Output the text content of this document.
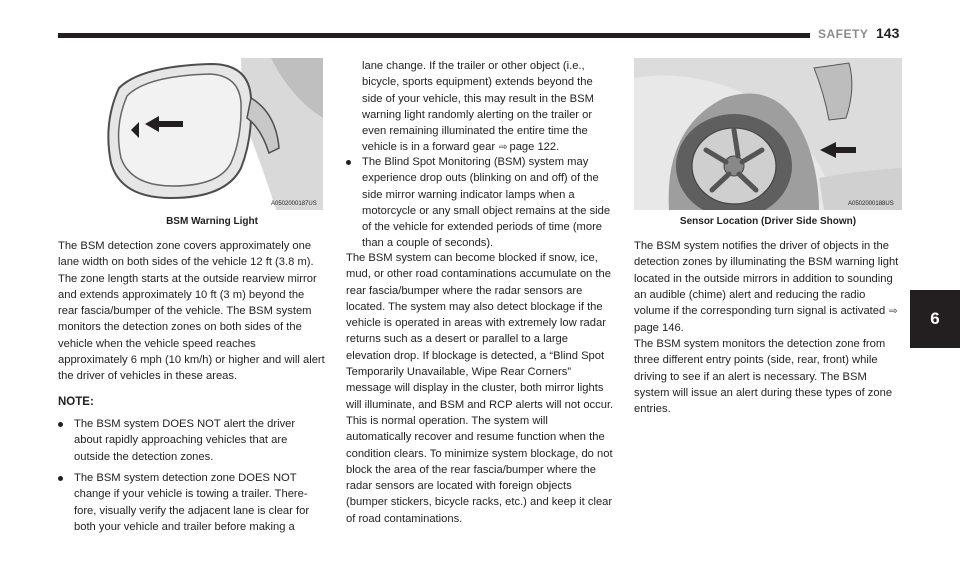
SAFETY 143
6
A0502000187US
BSM Warning Light
A0502000188US
Sensor Location (Driver Side Shown)

The BSM detection zone covers approximately one lane width on both sides of the vehicle 12 ft (3.8 m). The zone length starts at the outside rearview mirror and extends approximately 10 ft (3 m) beyond the rear fascia/bumper of the vehicle. The BSM system monitors the detection zones on both sides of the vehicle when the vehicle speed reaches approximately 6 mph (10 km/h) or higher and will alert the driver of vehicles in these areas.

NOTE:
The BSM system DOES NOT alert the driver about rapidly approaching vehicles that are outside the detection zones.
The BSM system detection zone DOES NOT change if your vehicle is towing a trailer. Therefore, visually verify the adjacent lane is clear for both your vehicle and trailer before making a
lane change. If the trailer or other object (i.e., bicycle, sports equipment) extends beyond the side of your vehicle, this may result in the BSM warning light randomly alerting on the trailer or even remaining illuminated the entire time the vehicle is in a forward gear ⇨ page 122.
The Blind Spot Monitoring (BSM) system may experience drop outs (blinking on and off) of the side mirror warning indicator lamps when a motorcycle or any small object remains at the side of the vehicle for extended periods of time (more than a couple of seconds).

The BSM system can become blocked if snow, ice, mud, or other road contaminations accumulate on the rear fascia/bumper where the radar sensors are located. The system may also detect blockage if the vehicle is operated in areas with extremely low radar returns such as a desert or parallel to a large elevation drop. If blockage is detected, a “Blind Spot Temporarily Unavailable, Wipe Rear Corners” message will display in the cluster, both mirror lights will illuminate, and BSM and RCP alerts will not occur. This is normal operation. The system will automatically recover and resume function when the condition clears. To minimize system blockage, do not block the area of the rear fascia/bumper where the radar sensors are located with foreign objects (bumper stickers, bicycle racks, etc.) and keep it clear of road contaminations.

The BSM system notifies the driver of objects in the detection zones by illuminating the BSM warning light located in the outside mirrors in addition to sounding an audible (chime) alert and reducing the radio volume if the corresponding turn signal is activated ⇨page 146.

The BSM system monitors the detection zone from three different entry points (side, rear, front) while driving to see if an alert is necessary. The BSM system will issue an alert during these types of zone entries.
